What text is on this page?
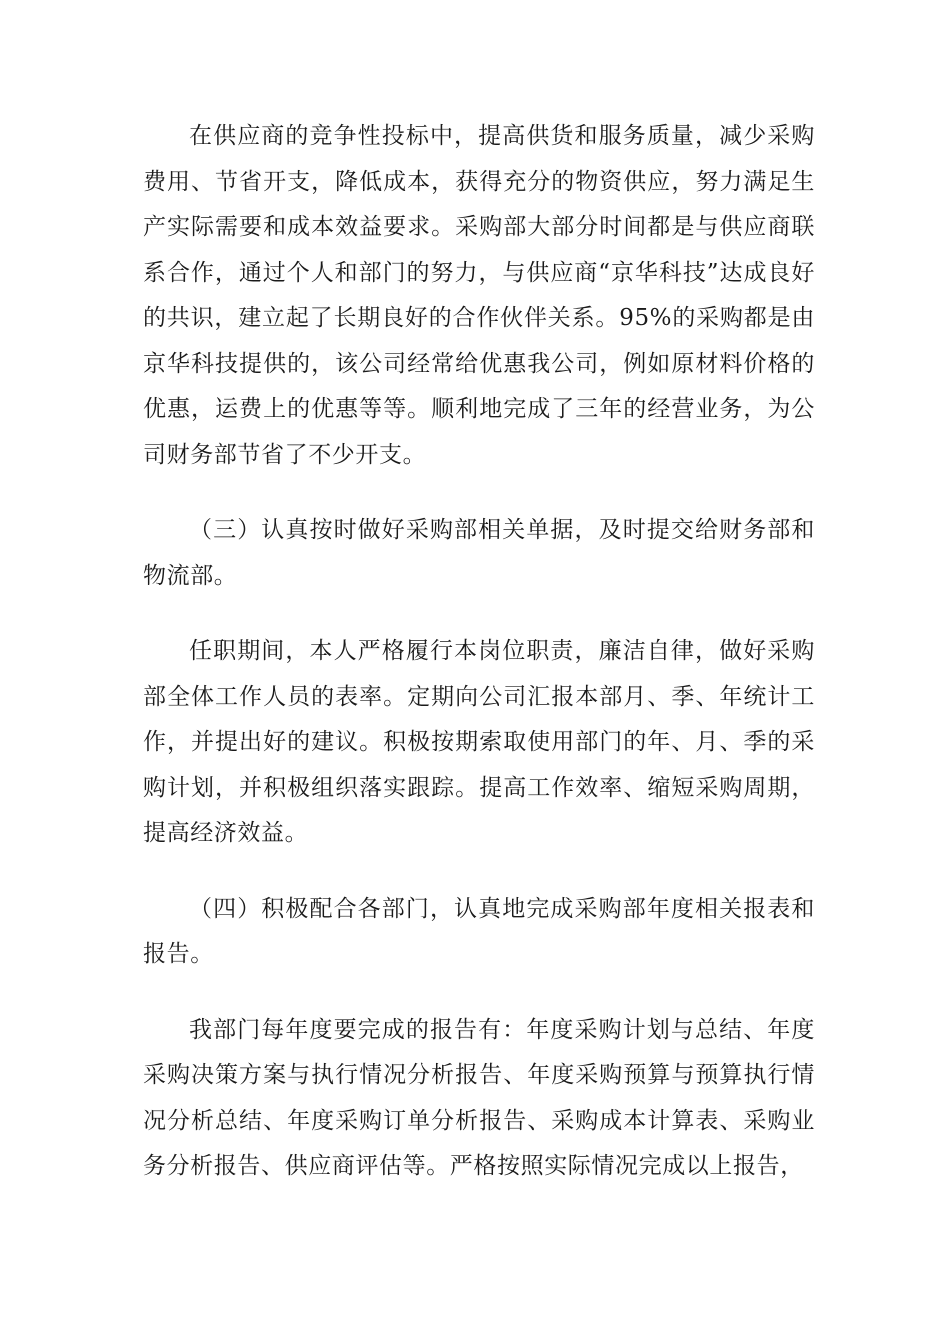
在供应商的竞争性投标中，提高供货和服务质量，减少采购费用、节省开支，降低成本，获得充分的物资供应，努力满足生产实际需要和成本效益要求。采购部大部分时间都是与供应商联系合作，通过个人和部门的努力，与供应商“京华科技”达成良好的共识，建立起了长期良好的合作伙伴关系。95%的采购都是由京华科技提供的，该公司经常给优惠我公司，例如原材料价格的优惠，运费上的优惠等等。顺利地完成了三年的经营业务，为公司财务部节省了不少开支。

（三）认真按时做好采购部相关单据，及时提交给财务部和物流部。

任职期间，本人严格履行本岗位职责，廉洁自律，做好采购部全体工作人员的表率。定期向公司汇报本部月、季、年统计工作，并提出好的建议。积极按期索取使用部门的年、月、季的采购计划，并积极组织落实跟踪。提高工作效率、缩短采购周期，提高经济效益。

（四）积极配合各部门，认真地完成采购部年度相关报表和报告。

我部门每年度要完成的报告有：年度采购计划与总结、年度采购决策方案与执行情况分析报告、年度采购预算与预算执行情况分析总结、年度采购订单分析报告、采购成本计算表、采购业务分析报告、供应商评估等。严格按照实际情况完成以上报告，
